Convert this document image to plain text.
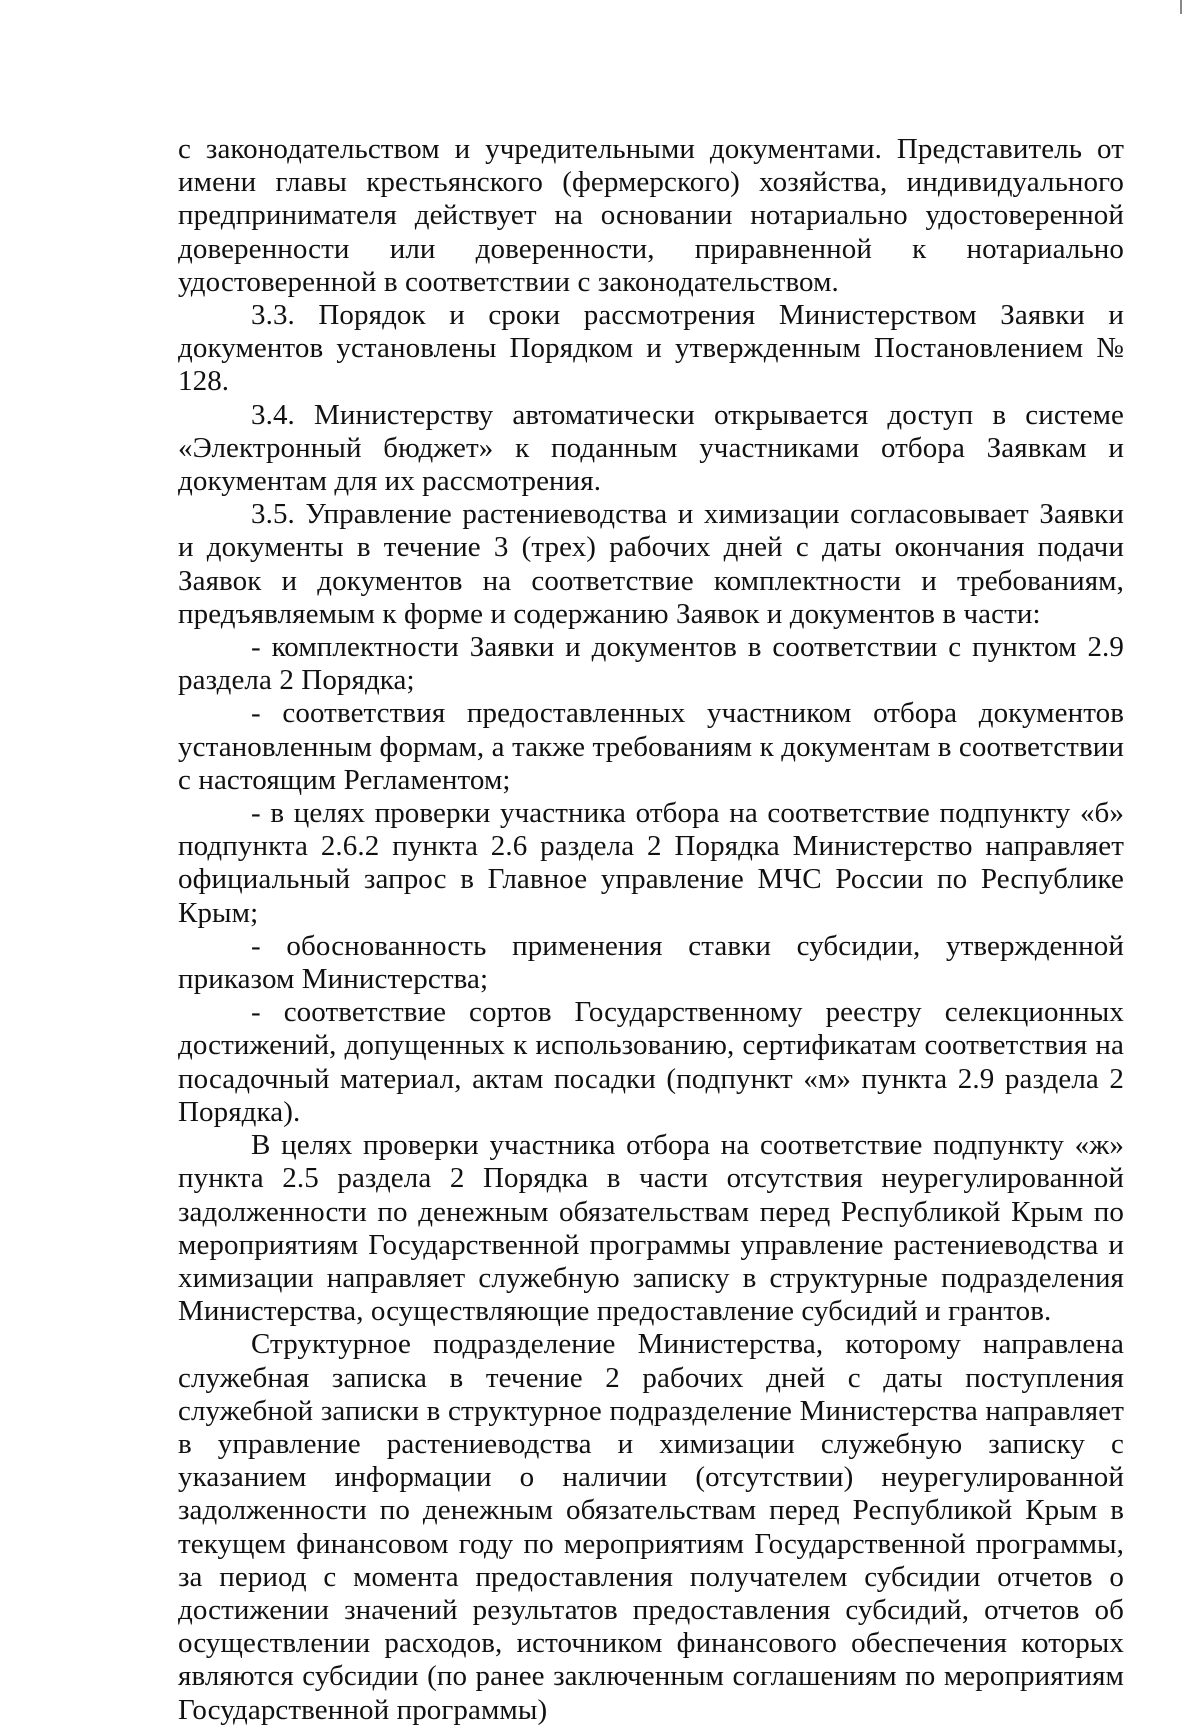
с законодательством и учредительными документами. Представитель от имени главы крестьянского (фермерского) хозяйства, индивидуального предпринимателя действует на основании нотариально удостоверенной доверенности или доверенности, приравненной к нотариально удостоверенной в соответствии с законодательством.

3.3. Порядок и сроки рассмотрения Министерством Заявки и документов установлены Порядком и утвержденным Постановлением № 128.

3.4. Министерству автоматически открывается доступ в системе «Электронный бюджет» к поданным участниками отбора Заявкам и документам для их рассмотрения.

3.5. Управление растениеводства и химизации согласовывает Заявки и документы в течение 3 (трех) рабочих дней с даты окончания подачи Заявок и документов на соответствие комплектности и требованиям, предъявляемым к форме и содержанию Заявок и документов в части:

- комплектности Заявки и документов в соответствии с пунктом 2.9 раздела 2 Порядка;

- соответствия предоставленных участником отбора документов установленным формам, а также требованиям к документам в соответствии с настоящим Регламентом;

- в целях проверки участника отбора на соответствие подпункту «б» подпункта 2.6.2 пункта 2.6 раздела 2 Порядка Министерство направляет официальный запрос в Главное управление МЧС России по Республике Крым;

- обоснованность применения ставки субсидии, утвержденной приказом Министерства;

- соответствие сортов Государственному реестру селекционных достижений, допущенных к использованию, сертификатам соответствия на посадочный материал, актам посадки (подпункт «м» пункта 2.9 раздела 2 Порядка).

В целях проверки участника отбора на соответствие подпункту «ж» пункта 2.5 раздела 2 Порядка в части отсутствия неурегулированной задолженности по денежным обязательствам перед Республикой Крым по мероприятиям Государственной программы управление растениеводства и химизации направляет служебную записку в структурные подразделения Министерства, осуществляющие предоставление субсидий и грантов.

Структурное подразделение Министерства, которому направлена служебная записка в течение 2 рабочих дней с даты поступления служебной записки в структурное подразделение Министерства направляет в управление растениеводства и химизации служебную записку с указанием информации о наличии (отсутствии) неурегулированной задолженности по денежным обязательствам перед Республикой Крым в текущем финансовом году по мероприятиям Государственной программы, за период с момента предоставления получателем субсидии отчетов о достижении значений результатов предоставления субсидий, отчетов об осуществлении расходов, источником финансового обеспечения которых являются субсидии (по ранее заключенным соглашениям по мероприятиям Государственной программы)
